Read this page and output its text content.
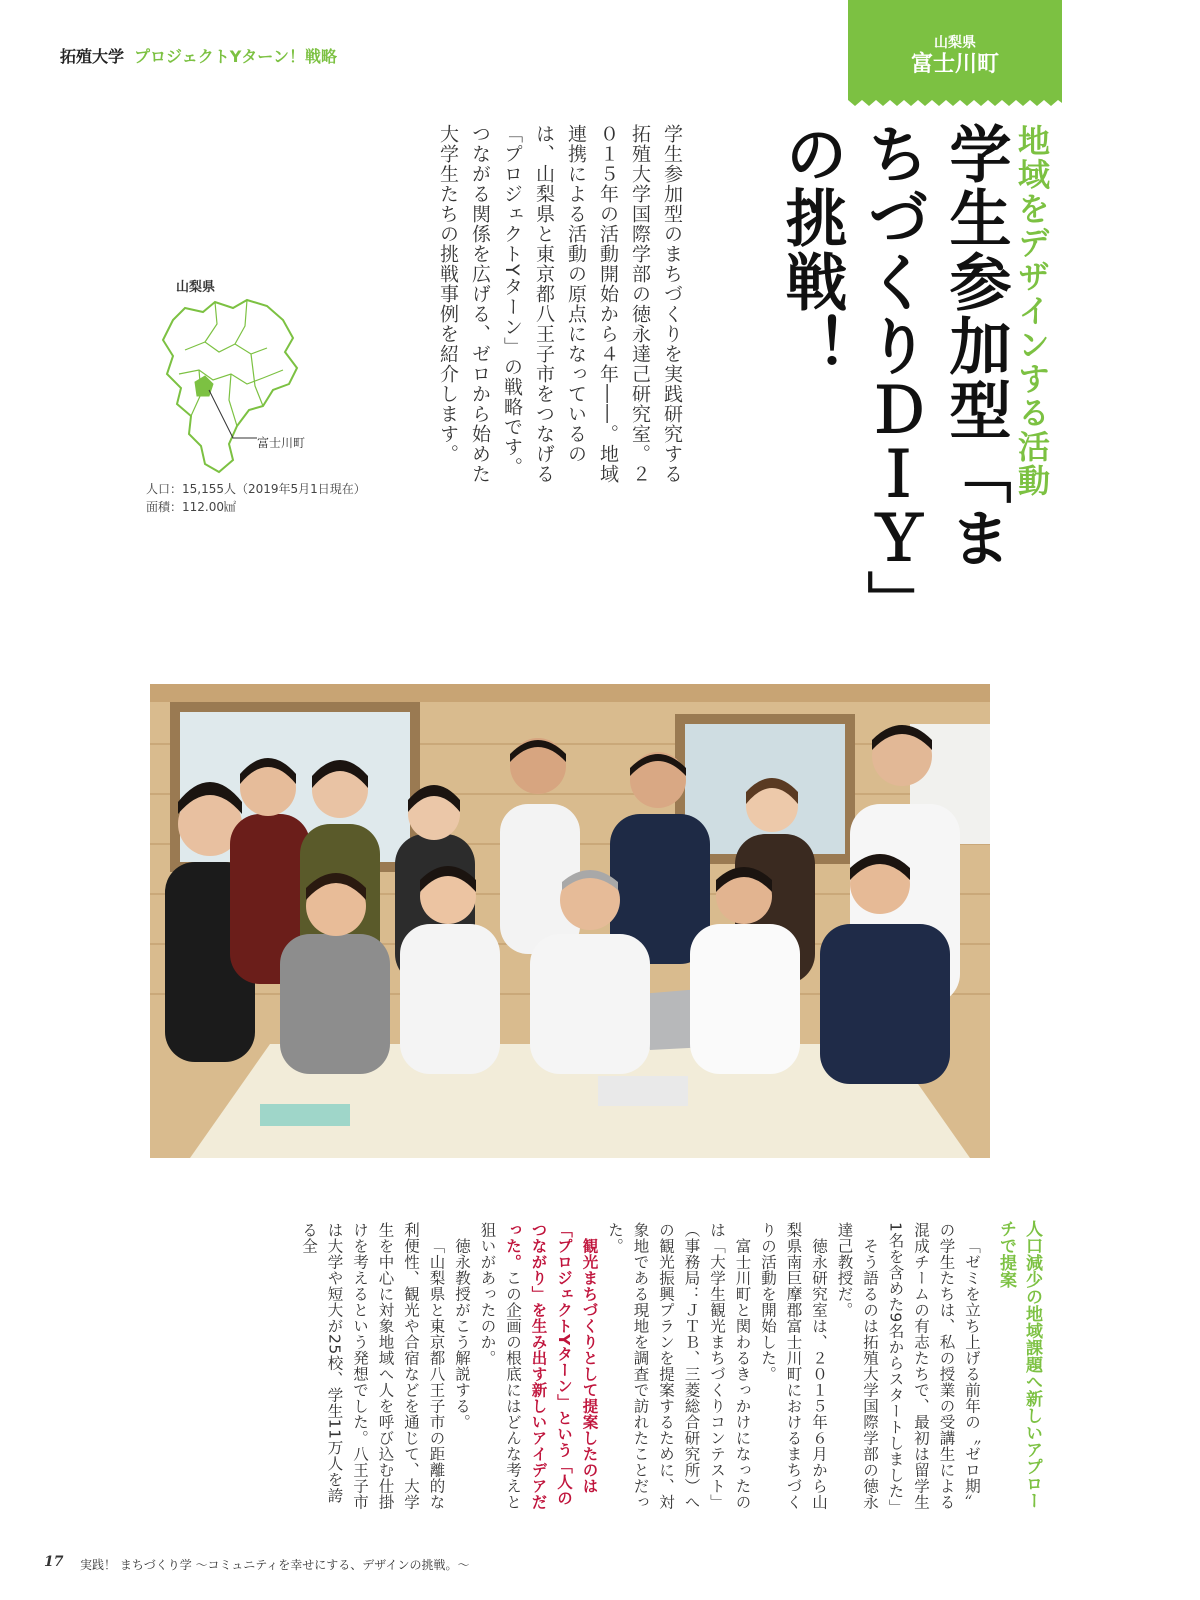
拓殖大学 プロジェクトYターン！戦略
山梨県
富士川町
地域をデザインする活動
学生参加型「まちづくりＤＩＹ」の挑戦！
学生参加型のまちづくりを実践研究する拓殖大学国際学部の徳永達己研究室。２０１５年の活動開始から４年――。地域連携による活動の原点になっているのは、山梨県と東京都八王子市をつなげる「プロジェクトYターン」の戦略です。つながる関係を広げる、ゼロから始めた大学生たちの挑戦事例を紹介します。
山梨県
富士川町
人口：15,155人（2019年5月1日現在）
面積：112.00㎢
人口減少の地域課題へ新しいアプローチで提案

「ゼミを立ち上げる前年の〝ゼロ期〟の学生たちは、私の授業の受講生による混成チームの有志たちで、最初は留学生1名を含めた9名からスタートしました」

そう語るのは拓殖大学国際学部の徳永達己教授だ。

徳永研究室は、２０１５年６月から山梨県南巨摩郡富士川町におけるまちづくりの活動を開始した。

富士川町と関わるきっかけになったのは「大学生観光まちづくりコンテスト」（事務局：ＪＴＢ、三菱総合研究所）への観光振興プランを提案するために、対象地である現地を調査で訪れたことだった。

観光まちづくりとして提案したのは「プロジェクトYターン」という「人のつながり」を生み出す新しいアイデアだった。この企画の根底にはどんな考えと狙いがあったのか。

徳永教授がこう解説する。

「山梨県と東京都八王子市の距離的な利便性、観光や合宿などを通じて、大学生を中心に対象地域へ人を呼び込む仕掛けを考えるという発想でした。八王子市は大学や短大が25校、学生11万人を誇る全

17 実践！ まちづくり学 〜コミュニティを幸せにする、デザインの挑戦。〜
